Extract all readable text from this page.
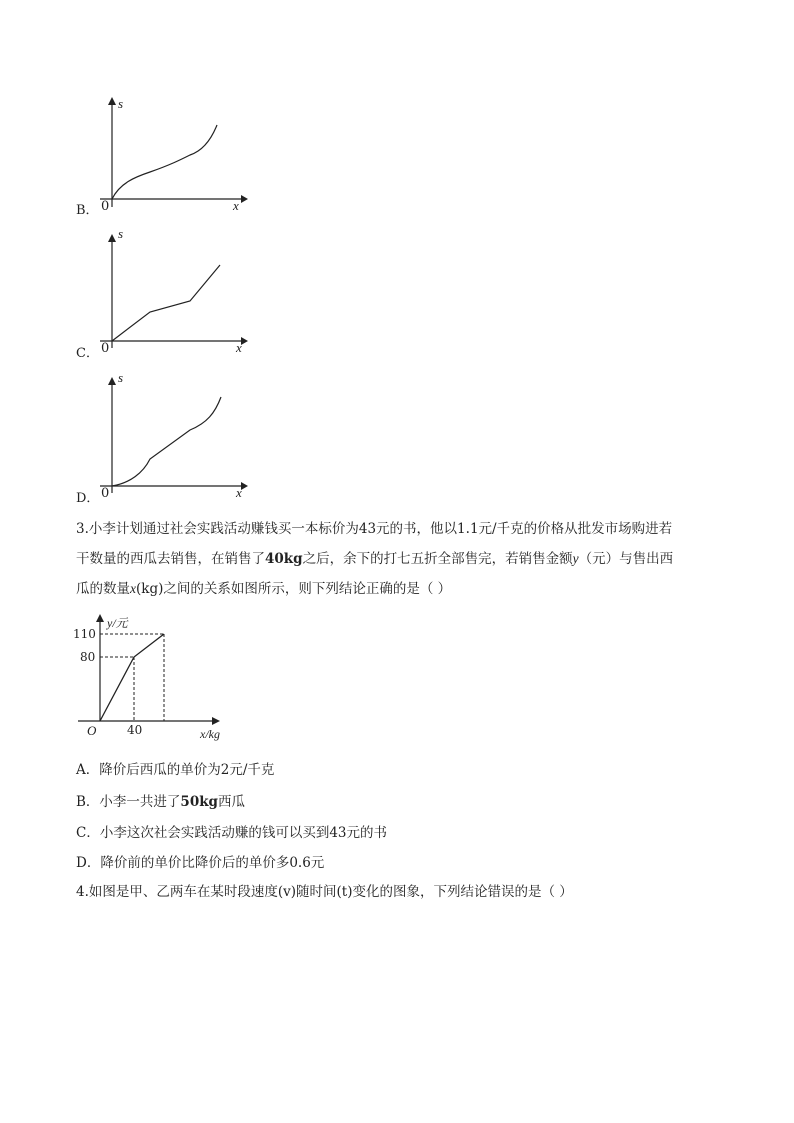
B． 0
s
x
C． 0
s
x
D． 0
s
x
3.小李计划通过社会实践活动赚钱买一本标价为43元的书，他以1.1元/千克的价格从批发市场购进若
干数量的西瓜去销售，在销售了40kg之后，余下的打七五折全部售完，若销售金额y（元）与售出西
瓜的数量x(kg)之间的关系如图所示，则下列结论正确的是（ ）
y/元
110
80
O	40	x/kg
A．降价后西瓜的单价为2元/千克
B．小李一共进了50kg西瓜
C．小李这次社会实践活动赚的钱可以买到43元的书
D．降价前的单价比降价后的单价多0.6元
4.如图是甲、乙两车在某时段速度(v)随时间(t)变化的图象，下列结论错误的是（ ）
